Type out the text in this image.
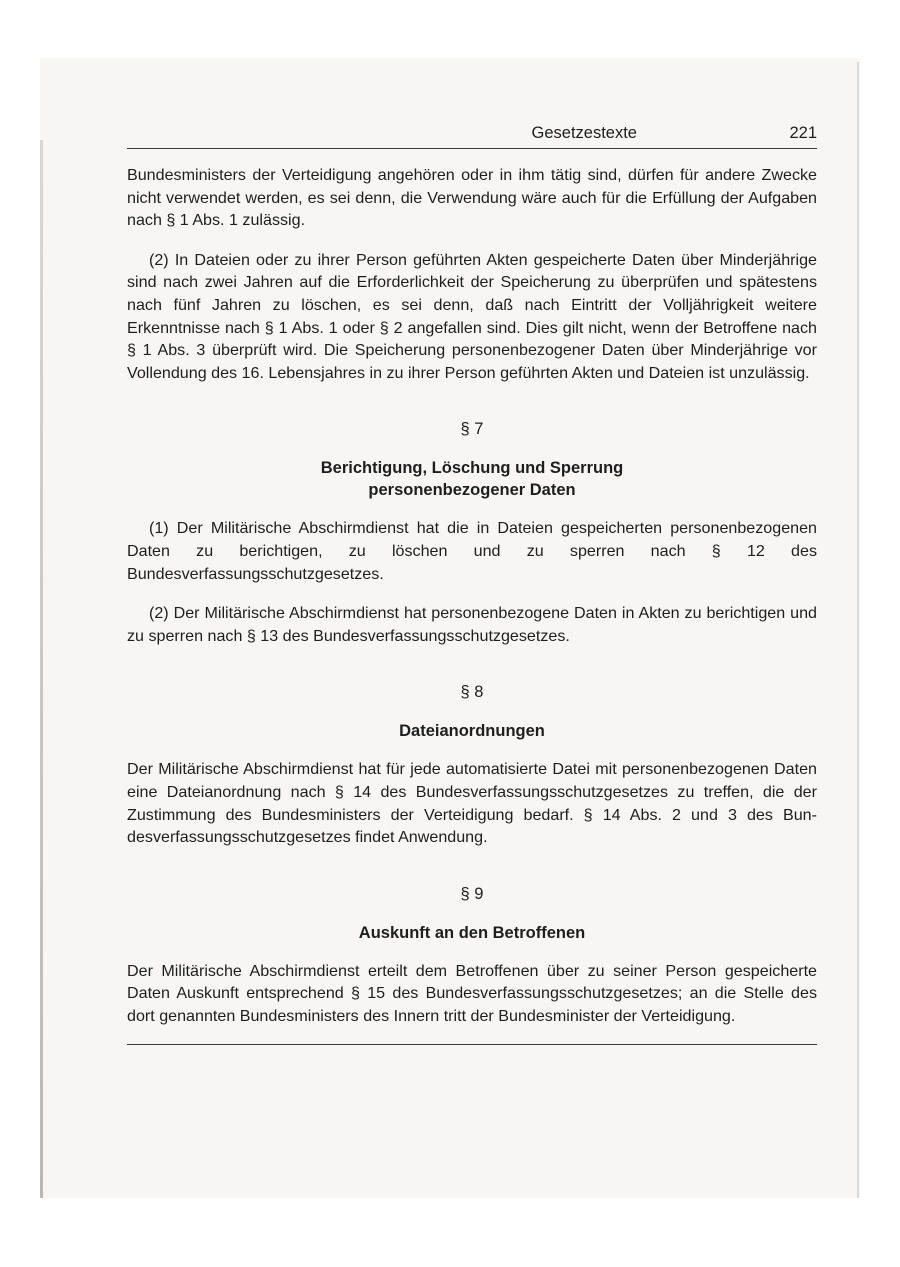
Gesetzestexte	221

Bundesministers der Verteidigung angehören oder in ihm tätig sind, dürfen für andere Zwecke nicht verwendet werden, es sei denn, die Verwendung wäre auch für die Erfüllung der Aufgaben nach § 1 Abs. 1 zulässig.

(2) In Dateien oder zu ihrer Person geführten Akten gespeicherte Daten über Minderjährige sind nach zwei Jahren auf die Erforderlichkeit der Speicherung zu überprüfen und spätestens nach fünf Jahren zu löschen, es sei denn, daß nach Eintritt der Volljährigkeit weitere Erkenntnisse nach § 1 Abs. 1 oder § 2 angefallen sind. Dies gilt nicht, wenn der Betroffene nach § 1 Abs. 3 überprüft wird. Die Speicherung personenbezogener Daten über Minderjährige vor Vollendung des 16. Lebensjahres in zu ihrer Person geführten Akten und Dateien ist unzulässig.

§ 7
Berichtigung, Löschung und Sperrung
personenbezogener Daten

(1) Der Militärische Abschirmdienst hat die in Dateien gespeicherten personenbezogenen Daten zu berichtigen, zu löschen und zu sperren nach § 12 des Bundesverfassungsschutzgesetzes.

(2) Der Militärische Abschirmdienst hat personenbezogene Daten in Akten zu berichtigen und zu sperren nach § 13 des Bundesverfassungsschutzgesetzes.

§ 8
Dateianordnungen

Der Militärische Abschirmdienst hat für jede automatisierte Datei mit personenbezogenen Daten eine Dateianordnung nach § 14 des Bundesverfassungsschutzgesetzes zu treffen, die der Zustimmung des Bundesministers der Verteidigung bedarf. § 14 Abs. 2 und 3 des Bundesverfassungsschutzgesetzes findet Anwendung.

§ 9
Auskunft an den Betroffenen

Der Militärische Abschirmdienst erteilt dem Betroffenen über zu seiner Person gespeicherte Daten Auskunft entsprechend § 15 des Bundesverfassungsschutzgesetzes; an die Stelle des dort genannten Bundesministers des Innern tritt der Bundesminister der Verteidigung.
